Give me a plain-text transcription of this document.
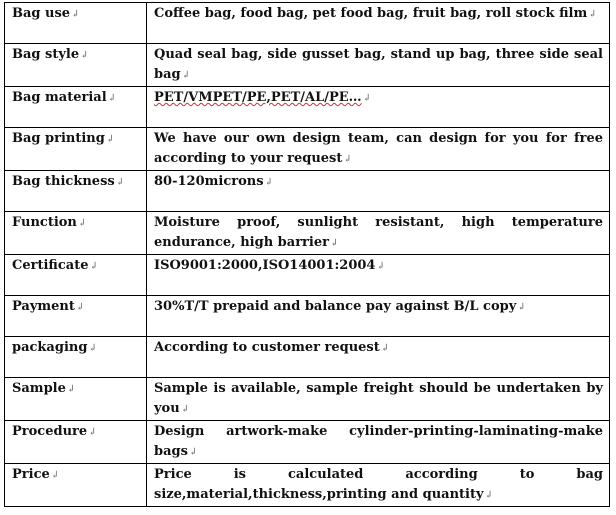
Bag use↲	Coffee bag, food bag, pet food bag, fruit bag, roll stock film↲
Bag style↲	Quad seal bag, side gusset bag, stand up bag, three side seal bag↲
Bag material↲	PET/VMPET/PE,PET/AL/PE…↲
Bag printing↲	We have our own design team, can design for you for free according to your request↲
Bag thickness↲	80-120microns↲
Function↲	Moisture proof, sunlight resistant, high temperature endurance, high barrier↲
Certificate↲	ISO9001:2000,ISO14001:2004↲
Payment↲	30%T/T prepaid and balance pay against B/L copy↲
packaging↲	According to customer request↲
Sample↲	Sample is available, sample freight should be undertaken by you↲
Procedure↲	Design artwork-make cylinder-printing-laminating-make bags↲
Price↲	Price is calculated according to bag size,material,thickness,printing and quantity↲
